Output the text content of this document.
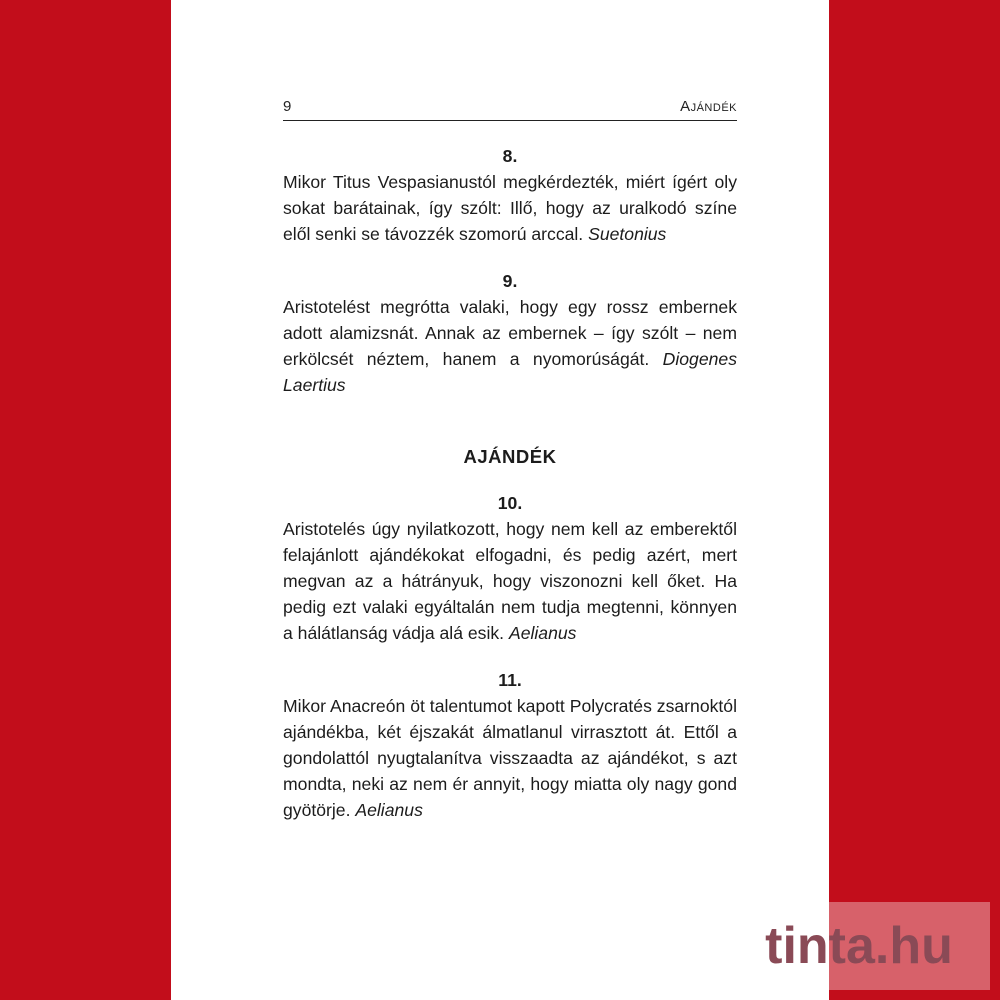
9	Ajándék
8.

Mikor Titus Vespasianustól megkérdezték, miért ígért oly sokat barátainak, így szólt: Illő, hogy az uralkodó színe elől senki se távozzék szomorú arccal. Suetonius

9.

Aristotelést megrótta valaki, hogy egy rossz embernek adott alamizsnát. Annak az embernek – így szólt – nem erkölcsét néztem, hanem a nyomorúságát. Diogenes Laertius

AJÁNDÉK
10.

Aristotelés úgy nyilatkozott, hogy nem kell az emberektől felajánlott ajándékokat elfogadni, és pedig azért, mert megvan az a hátrányuk, hogy viszonozni kell őket. Ha pedig ezt valaki egyáltalán nem tudja megtenni, könnyen a hálátlanság vádja alá esik. Aelianus

11.

Mikor Anacreón öt talentumot kapott Polycratés zsarnoktól ajándékba, két éjszakát álmatlanul virrasztott át. Ettől a gondolattól nyugtalanítva visszaadta az ajándékot, s azt mondta, neki az nem ér annyit, hogy miatta oly nagy gond gyötörje. Aelianus

tinta.hu
